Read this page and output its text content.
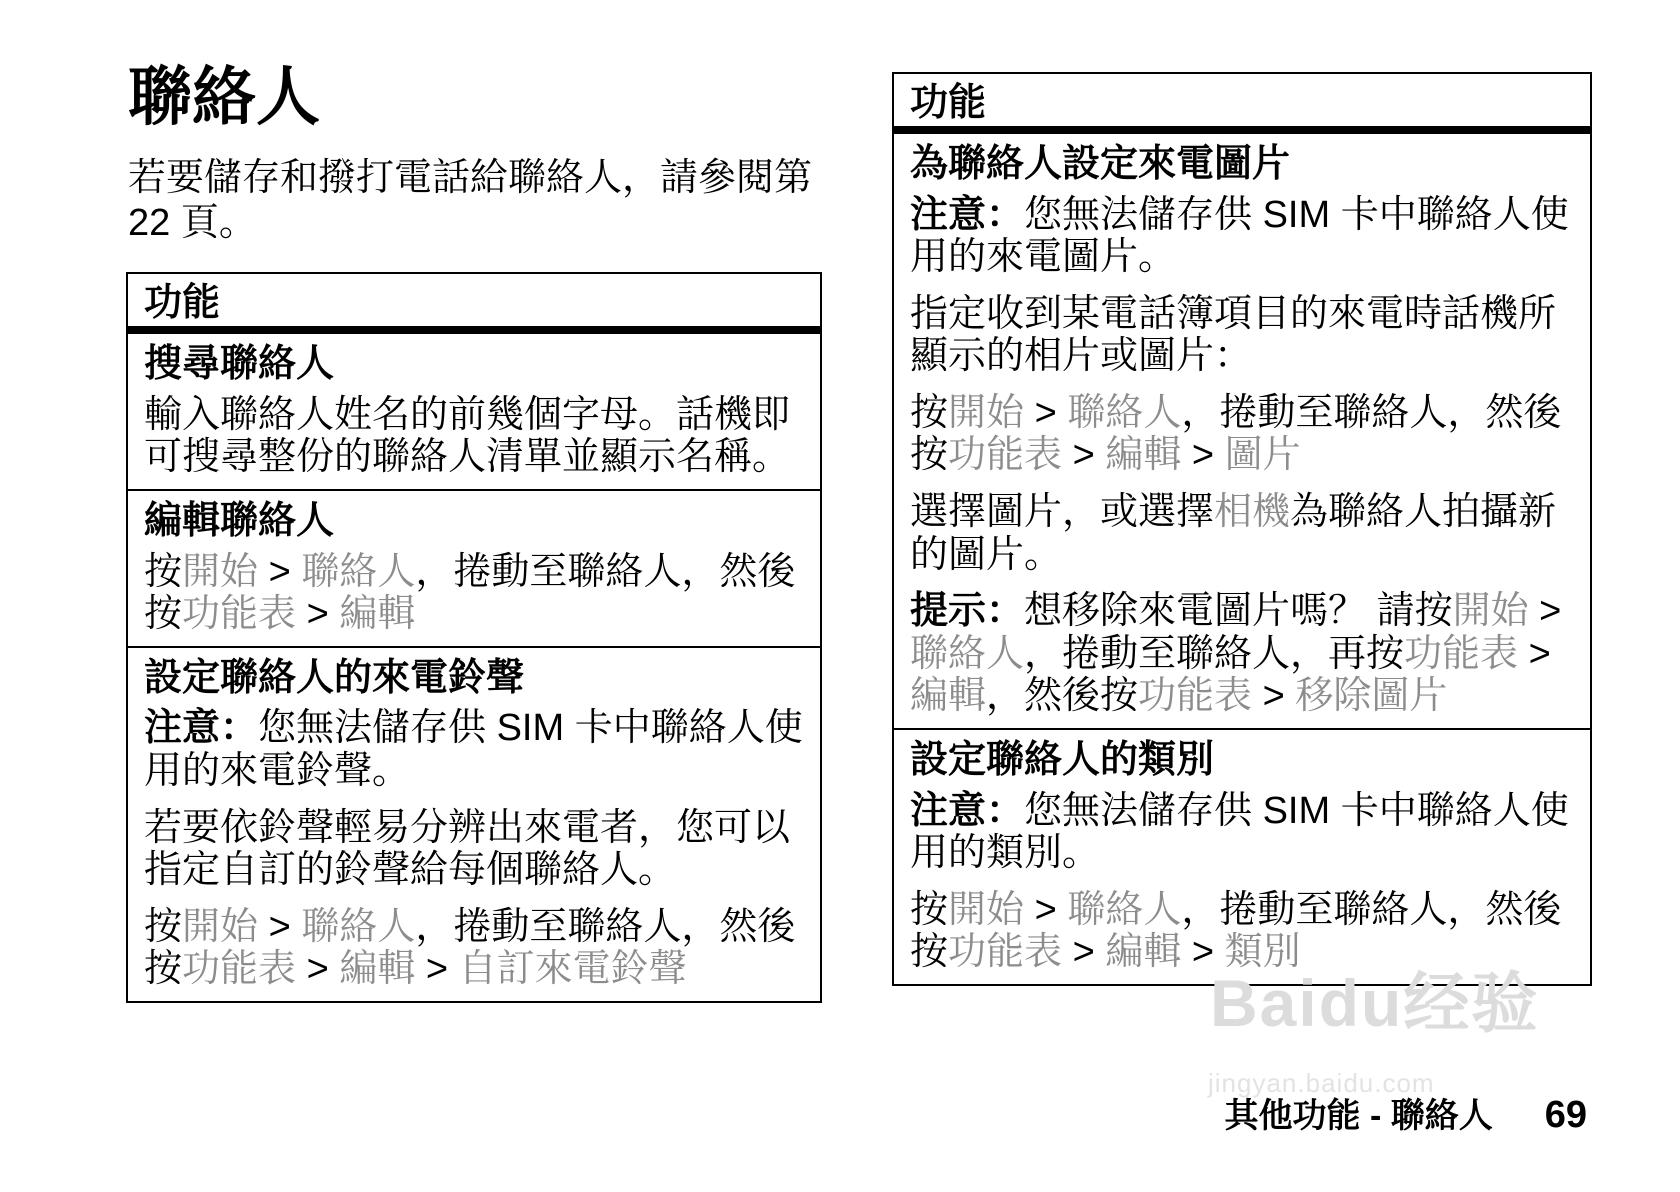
聯絡人
若要儲存和撥打電話給聯絡人，請參閱第 22 頁。
功能
搜尋聯絡人

輸入聯絡人姓名的前幾個字母。話機即可搜尋整份的聯絡人清單並顯示名稱。

編輯聯絡人

按開始 > 聯絡人，捲動至聯絡人，然後按功能表 > 編輯

設定聯絡人的來電鈴聲

注意：您無法儲存供 SIM 卡中聯絡人使用的來電鈴聲。

若要依鈴聲輕易分辨出來電者，您可以指定自訂的鈴聲給每個聯絡人。

按開始 > 聯絡人，捲動至聯絡人，然後按功能表 > 編輯 > 自訂來電鈴聲

功能
為聯絡人設定來電圖片

注意：您無法儲存供 SIM 卡中聯絡人使用的來電圖片。

指定收到某電話簿項目的來電時話機所顯示的相片或圖片：

按開始 > 聯絡人，捲動至聯絡人，然後按功能表 > 編輯 > 圖片

選擇圖片，或選擇相機為聯絡人拍攝新的圖片。

提示：想移除來電圖片嗎？ 請按開始 > 聯絡人，捲動至聯絡人，再按功能表 > 編輯，然後按功能表 > 移除圖片

設定聯絡人的類別

注意：您無法儲存供 SIM 卡中聯絡人使用的類別。

按開始 > 聯絡人，捲動至聯絡人，然後按功能表 > 編輯 > 類別

Baidu经验
jingyan.baidu.com
其他功能 - 聯絡人 69
